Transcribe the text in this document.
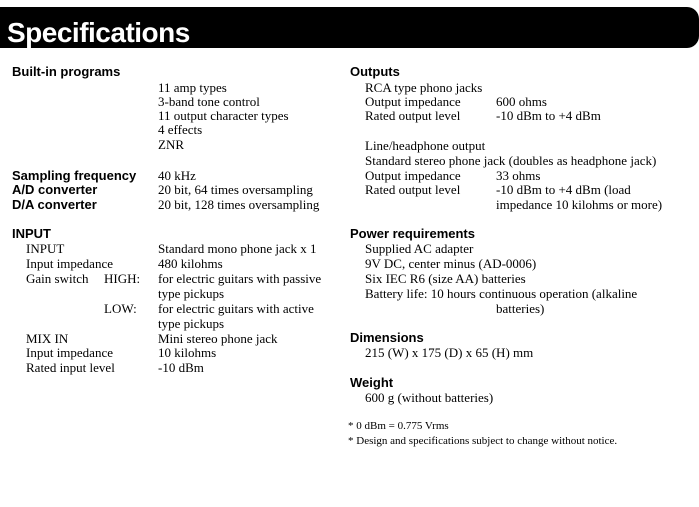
Specifications
Built-in programs
11 amp types
3-band tone control
11 output character types
4 effects
ZNR
Sampling frequency 40 kHz
A/D converter	20 bit, 64 times oversampling
D/A converter	20 bit, 128 times oversampling
INPUT
INPUT	Standard mono phone jack x 1
Input impedance	480 kilohms
Gain switch HIGH: for electric guitars with passive
type pickups
LOW: for electric guitars with active
type pickups
MIX IN	Mini stereo phone jack
Input impedance	10 kilohms
Rated input level	-10 dBm
Outputs
RCA type phono jacks
Output impedance	600 ohms
Rated output level	-10 dBm to +4 dBm
Line/headphone output
Standard stereo phone jack (doubles as headphone jack)
Output impedance	33 ohms
Rated output level	-10 dBm to +4 dBm (load
impedance 10 kilohms or more)
Power requirements
Supplied AC adapter
9V DC, center minus (AD-0006)
Six IEC R6 (size AA) batteries
Battery life: 10 hours continuous operation (alkaline
batteries)
Dimensions
215 (W) x 175 (D) x 65 (H) mm
Weight
600 g (without batteries)
* 0 dBm = 0.775 Vrms
* Design and specifications subject to change without notice.
